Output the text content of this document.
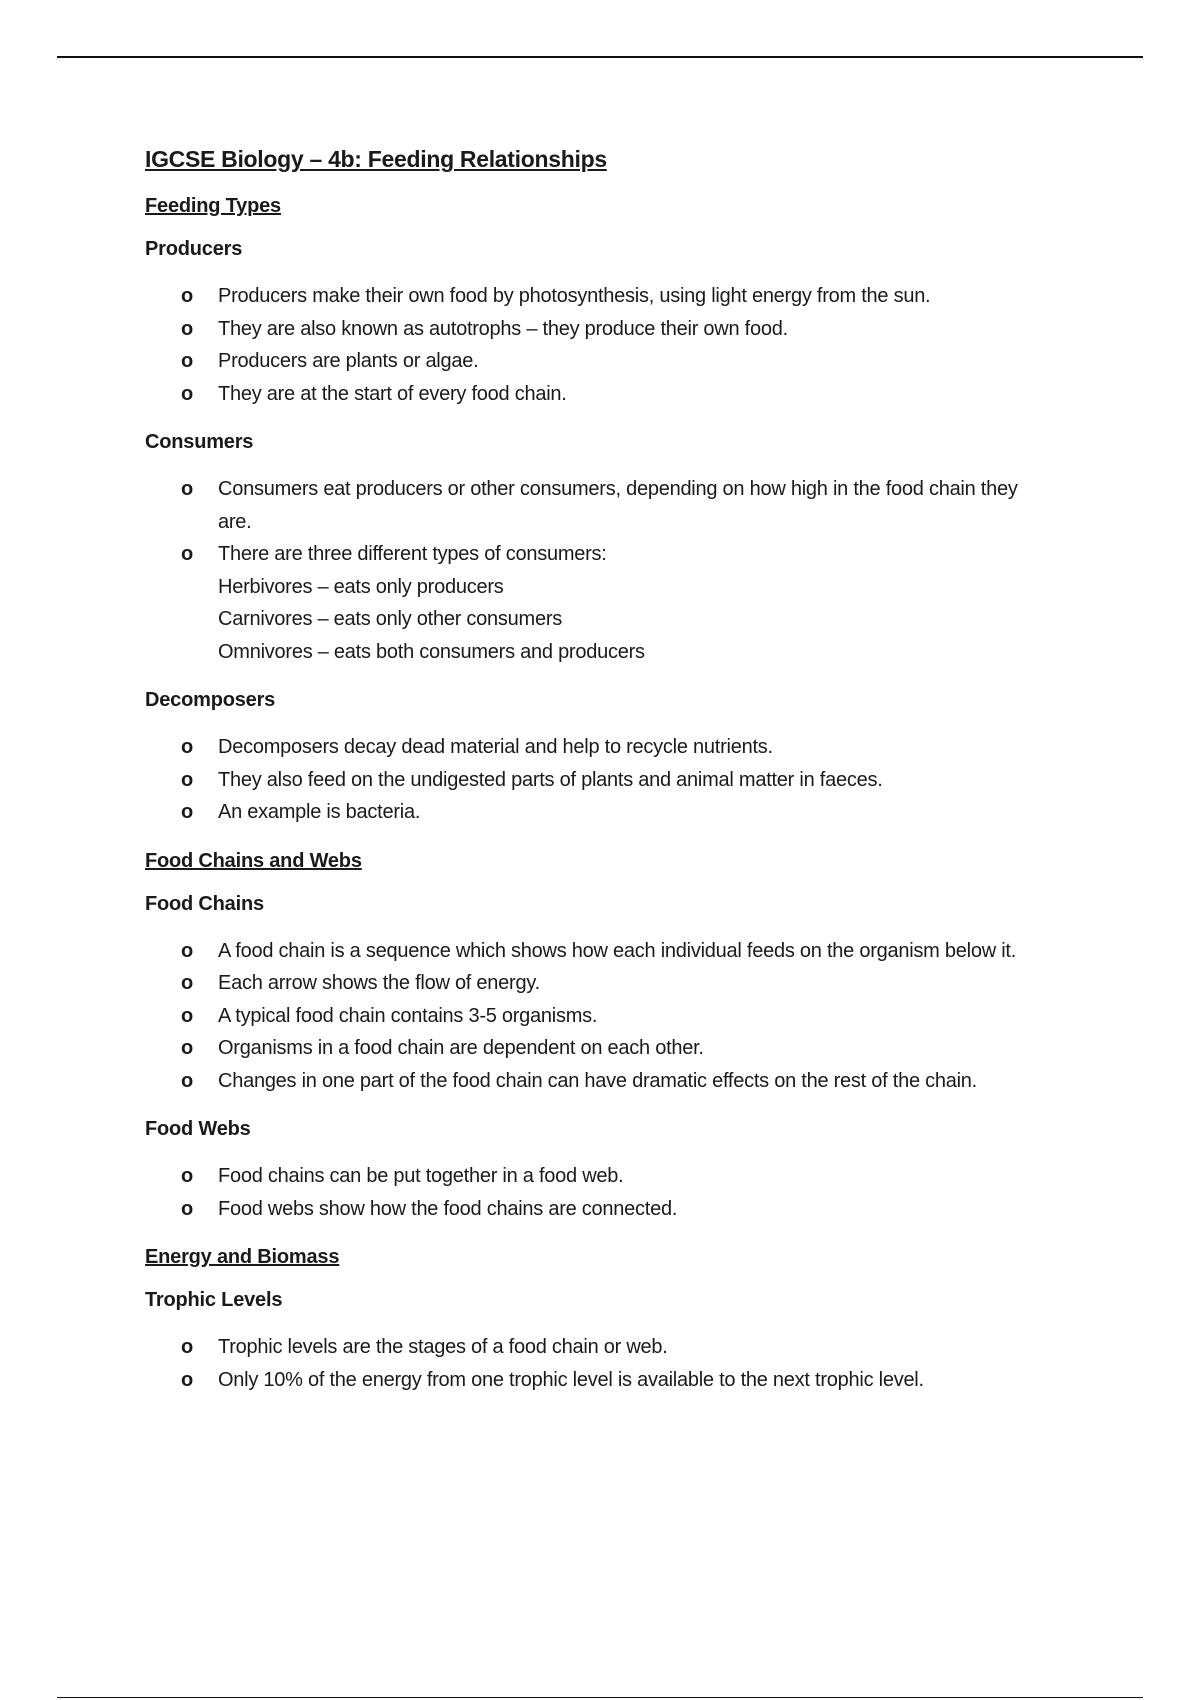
IGCSE Biology – 4b: Feeding Relationships
Feeding Types
Producers
o Producers make their own food by photosynthesis, using light energy from the sun.
o They are also known as autotrophs – they produce their own food.
o Producers are plants or algae.
o They are at the start of every food chain.
Consumers
o Consumers eat producers or other consumers, depending on how high in the food chain they are.
o There are three different types of consumers:
Herbivores – eats only producers
Carnivores – eats only other consumers
Omnivores – eats both consumers and producers
Decomposers
o Decomposers decay dead material and help to recycle nutrients.
o They also feed on the undigested parts of plants and animal matter in faeces.
o An example is bacteria.
Food Chains and Webs
Food Chains
o A food chain is a sequence which shows how each individual feeds on the organism below it.
o Each arrow shows the flow of energy.
o A typical food chain contains 3-5 organisms.
o Organisms in a food chain are dependent on each other.
o Changes in one part of the food chain can have dramatic effects on the rest of the chain.
Food Webs
o Food chains can be put together in a food web.
o Food webs show how the food chains are connected.
Energy and Biomass
Trophic Levels
o Trophic levels are the stages of a food chain or web.
o Only 10% of the energy from one trophic level is available to the next trophic level.
